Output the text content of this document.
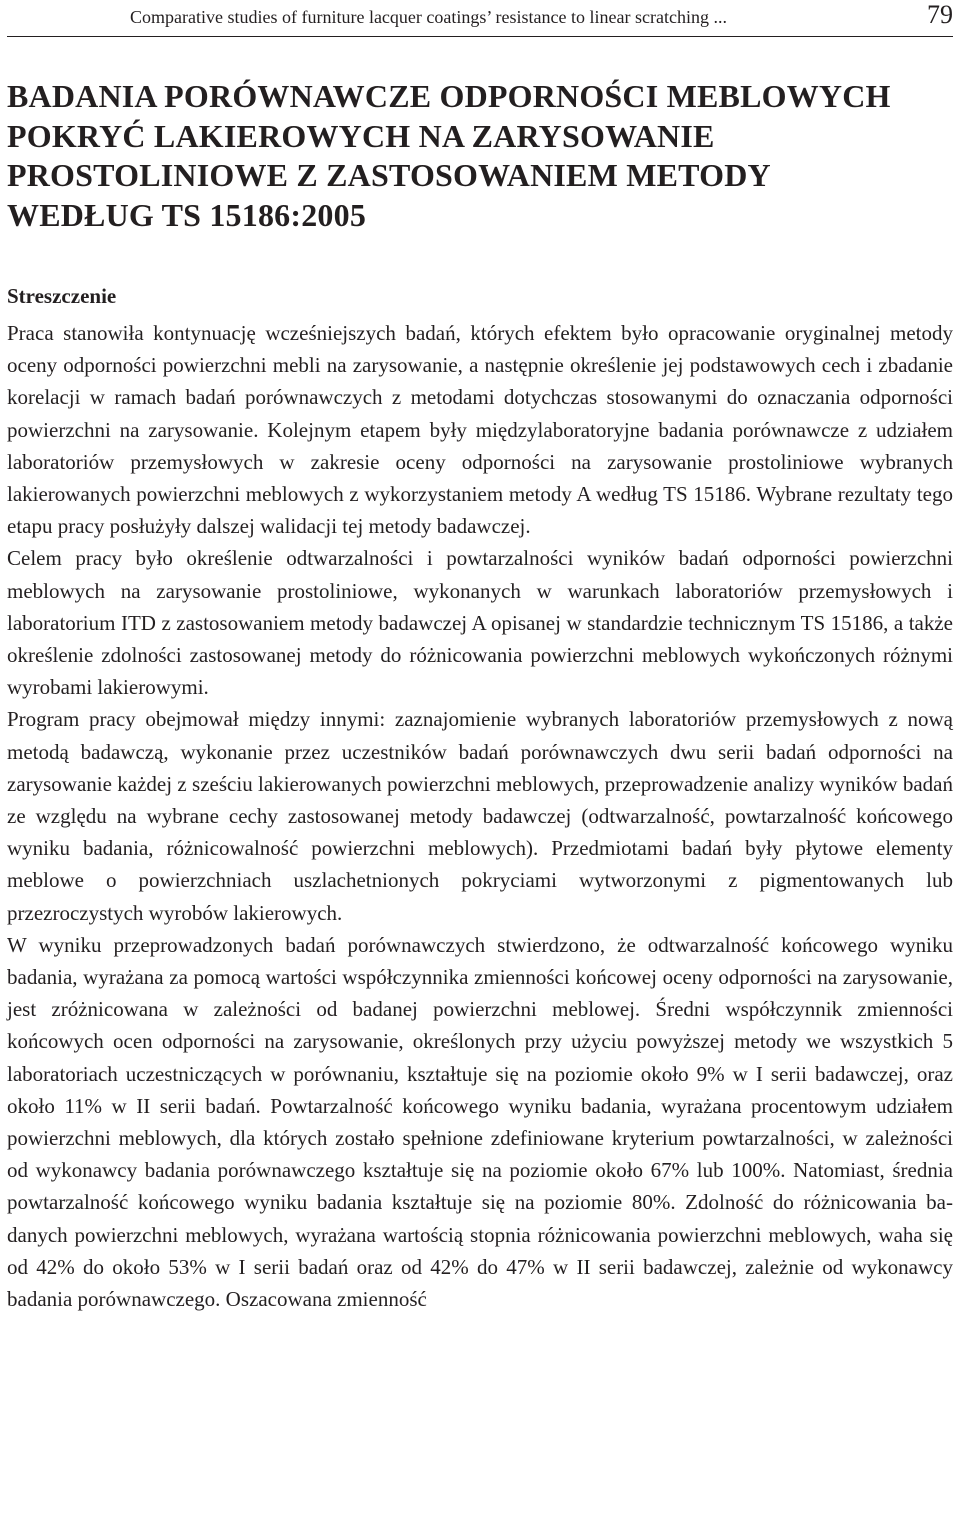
Comparative studies of furniture lacquer coatings’ resistance to linear scratching ...	79
BADANIA PORÓWNAWCZE ODPORNOŚCI MEBLOWYCH
POKRYĆ LAKIEROWYCH NA ZARYSOWANIE
PROSTOLINIOWE Z ZASTOSOWANIEM METODY
WEDŁUG TS 15186:2005
Streszczenie

Praca stanowiła kontynuację wcześniejszych badań, których efektem było opracowanie oryginalnej metody oceny odporności powierzchni mebli na zarysowanie, a następnie określenie jej podstawowych cech i zbadanie korelacji w ramach badań porównawczych z metodami dotychczas stosowanymi do oznaczania odporności powierzchni na zarysowanie. Kolejnym etapem były międzylaboratoryjne badania porównawcze z udziałem laboratoriów przemysłowych w zakresie oceny odporności na zarysowanie prostoliniowe wybranych lakierowanych powierzchni meblowych z wykorzystaniem metody A według TS 15186. Wybrane rezultaty tego etapu pracy posłużyły dalszej walidacji tej metody badawczej.

Celem pracy było określenie odtwarzalności i powtarzalności wyników badań odporności powierzchni meblowych na zarysowanie prostoliniowe, wykonanych w warunkach laboratoriów przemysłowych i laboratorium ITD z zastosowaniem metody badawczej A opisanej w standardzie technicznym TS 15186, a także określenie zdolności zastosowanej metody do różnicowania powierzchni meblowych wykończonych różnymi wyrobami lakierowymi.

Program pracy obejmował między innymi: zaznajomienie wybranych laboratoriów przemysłowych z nową metodą badawczą, wykonanie przez uczestników badań porównawczych dwu serii badań odporności na zarysowanie każdej z sześciu lakierowanych powierzchni meblowych, przeprowadzenie analizy wyników badań ze względu na wybrane cechy zastosowanej metody badawczej (odtwarzalność, powtarzalność końcowego wyniku badania, różnicowalność powierzchni meblowych). Przedmiotami badań były płytowe elementy meblowe o powierzchniach uszlachetnionych pokryciami wytworzonymi z pigmentowanych lub przezroczystych wyrobów lakierowych.

W wyniku przeprowadzonych badań porównawczych stwierdzono, że odtwarzalność końcowego wyniku badania, wyrażana za pomocą wartości współczynnika zmienności końcowej oceny odporności na zarysowanie, jest zróżnicowana w zależności od badanej powierzchni meblowej. Średni współczynnik zmienności końcowych ocen odporności na zarysowanie, określonych przy użyciu powyższej metody we wszystkich 5 laboratoriach uczestniczących w porównaniu, kształtuje się na poziomie około 9% w I serii badawczej, oraz około 11% w II serii badań. Powtarzalność końcowego wyniku badania, wyrażana procentowym udziałem powierzchni meblowych, dla których zostało spełnione zdefiniowane kryterium powtarzalności, w zależności od wykonawcy badania porównawczego kształtuje się na poziomie około 67% lub 100%. Natomiast, średnia powtarzalność końcowego wyniku badania kształtuje się na poziomie 80%. Zdolność do różnicowania badanych powierzchni meblowych, wyrażana wartością stopnia różnicowania powierzchni meblowych, waha się od 42% do około 53% w I serii badań oraz od 42% do 47% w II serii badawczej, zależnie od wykonawcy badania porównawczego. Oszacowana zmienność
